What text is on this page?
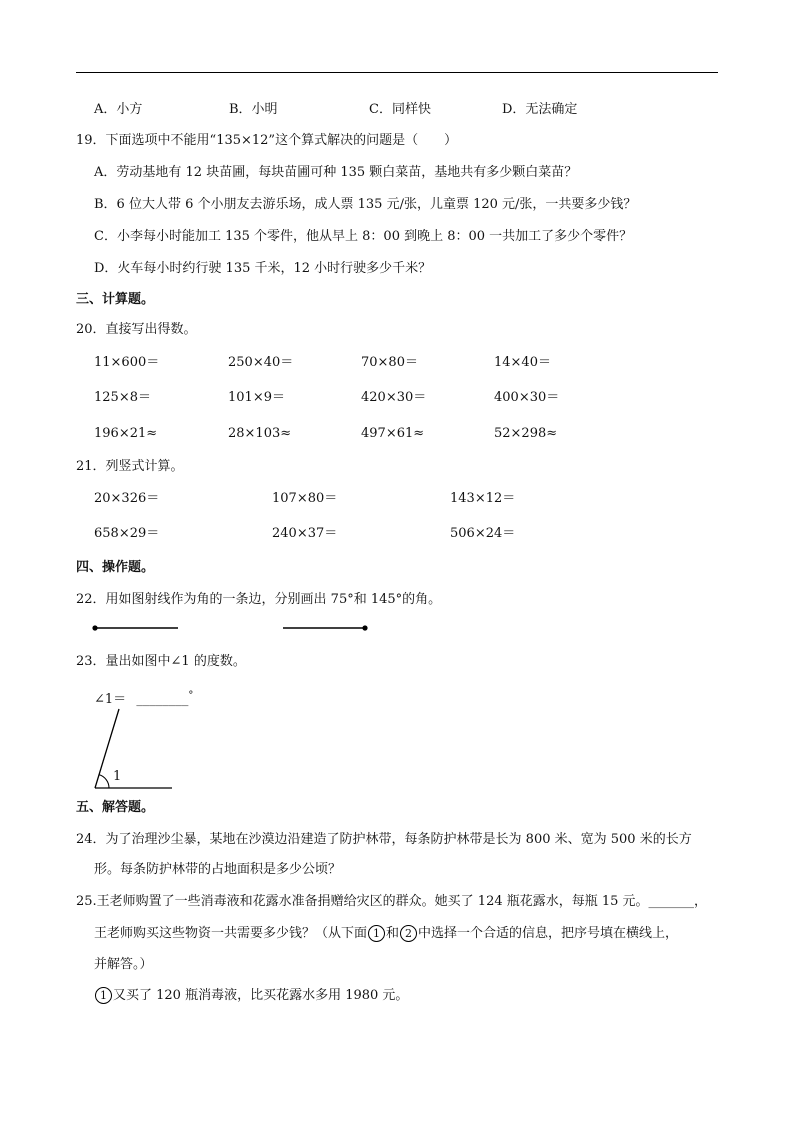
A．小方	B．小明	C．同样快	D．无法确定
19．下面选项中不能用“135×12”这个算式解决的问题是（　　）
A．劳动基地有 12 块苗圃，每块苗圃可种 135 颗白菜苗，基地共有多少颗白菜苗？
B．6 位大人带 6 个小朋友去游乐场，成人票 135 元/张，儿童票 120 元/张，一共要多少钱？
C．小李每小时能加工 135 个零件，他从早上 8：00 到晚上 8：00 一共加工了多少个零件？
D．火车每小时约行驶 135 千米，12 小时行驶多少千米？
三、计算题。
20．直接写出得数。
11×600＝	250×40＝	70×80＝	14×40＝
125×8＝	101×9＝	420×30＝	400×30＝
196×21≈	28×103≈	497×61≈	52×298≈
21．列竖式计算。
20×326＝	107×80＝	143×12＝
658×29＝	240×37＝	506×24＝
四、操作题。
22．用如图射线作为角的一条边，分别画出 75°和 145°的角。
23．量出如图中∠1 的度数。
∠1＝ ________°
1
五、解答题。
24．为了治理沙尘暴，某地在沙漠边沿建造了防护林带，每条防护林带是长为 800 米、宽为 500 米的长方
形。每条防护林带的占地面积是多少公顷？
25.王老师购置了一些消毒液和花露水准备捐赠给灾区的群众。她买了 124 瓶花露水，每瓶 15 元。_______，
王老师购买这些物资一共需要多少钱？（从下面 1 和 2 中选择一个合适的信息，把序号填在横线上，
并解答。）
1 又买了 120 瓶消毒液，比买花露水多用 1980 元。
